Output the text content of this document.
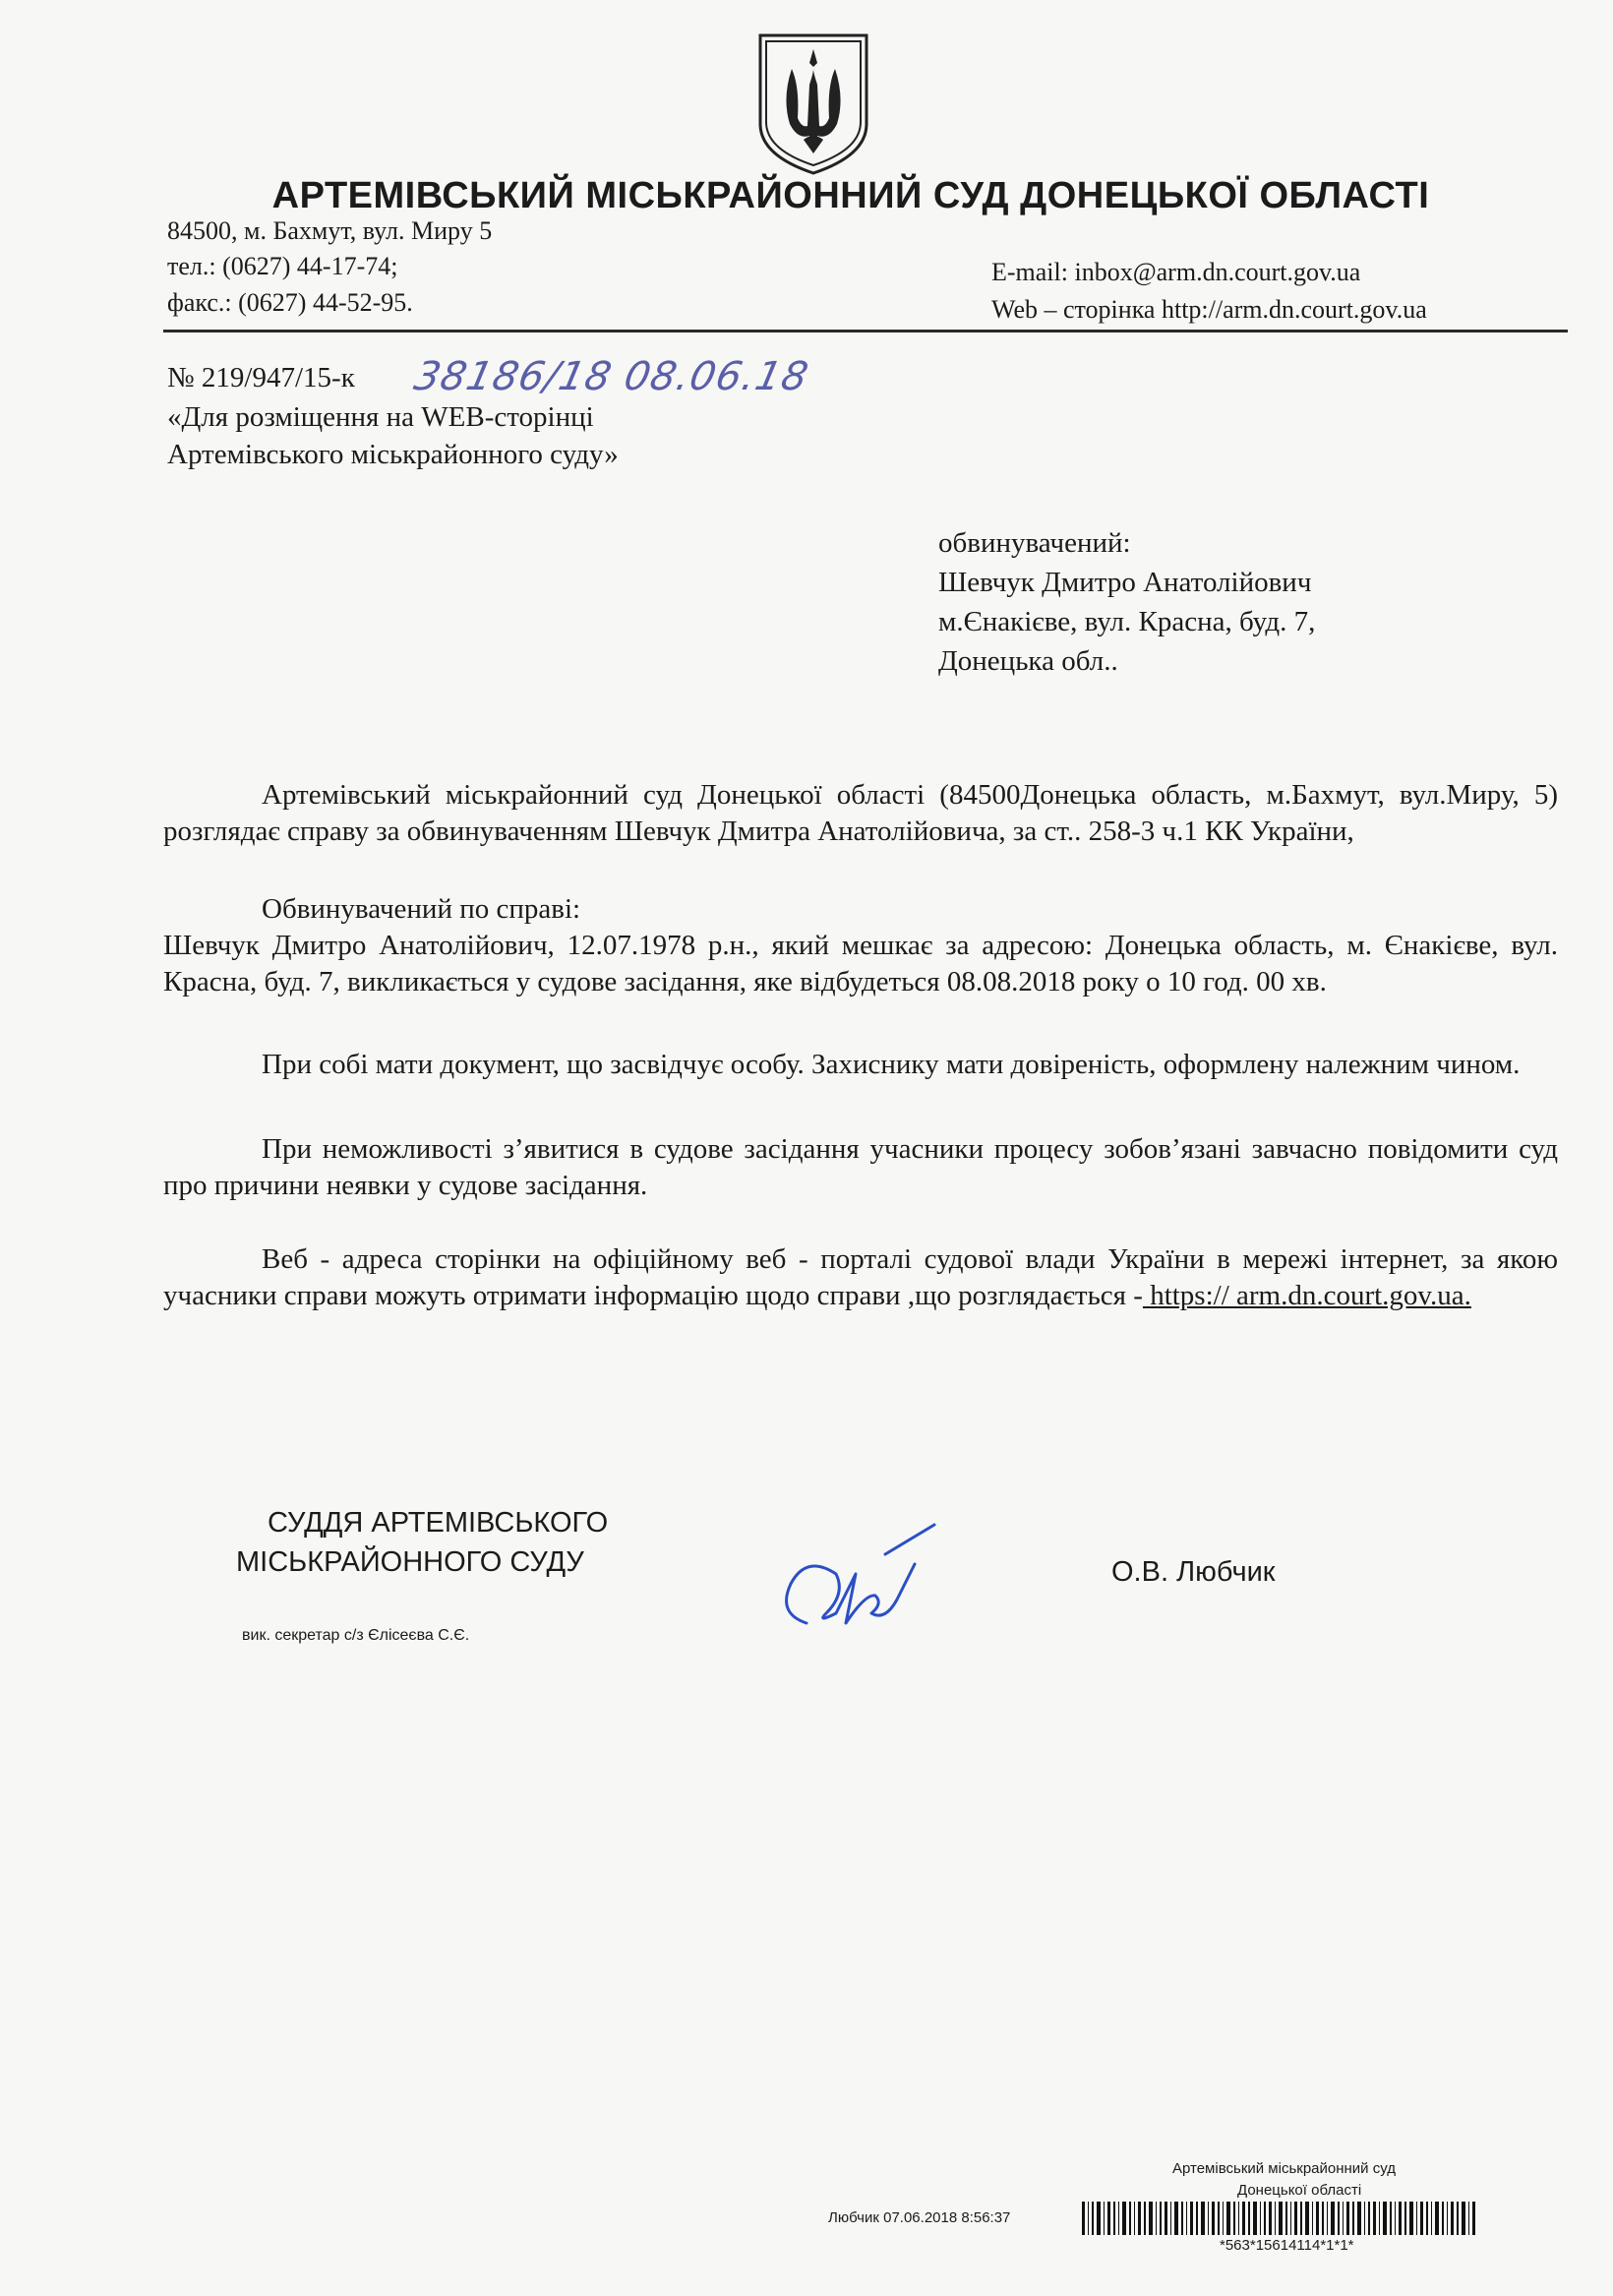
АРТЕМІВСЬКИЙ МІСЬКРАЙОННИЙ СУД ДОНЕЦЬКОЇ ОБЛАСТІ
84500, м. Бахмут, вул. Миру 5
тел.: (0627) 44-17-74;
факс.: (0627) 44-52-95.
E-mail: inbox@arm.dn.court.gov.ua
Web – сторінка http://arm.dn.court.gov.ua
№ 219/947/15-к 38186/18 08.06.18
«Для розміщення на WEB-сторінці
Артемівського міськрайонного суду»
обвинувачений:
Шевчук Дмитро Анатолійович
м.Єнакієве, вул. Красна, буд. 7,
Донецька обл..

Артемівський міськрайонний суд Донецької області (84500Донецька область, м.Бахмут, вул.Миру, 5) розглядає справу за обвинуваченням Шевчук Дмитра Анатолійовича, за ст.. 258-3 ч.1 КК України,

Обвинувачений по справі:

Шевчук Дмитро Анатолійович, 12.07.1978 р.н., який мешкає за адресою: Донецька область, м. Єнакієве, вул. Красна, буд. 7, викликається у судове засідання, яке відбудеться 08.08.2018 року о 10 год. 00 хв.

При собі мати документ, що засвідчує особу. Захиснику мати довіреність, оформлену належним чином.

При неможливості з’явитися в судове засідання учасники процесу зобов’язані завчасно повідомити суд про причини неявки у судове засідання.

Веб - адреса сторінки на офіційному веб - порталі судової влади України в мережі інтернет, за якою учасники справи можуть отримати інформацію щодо справи ,що розглядається - https:// arm.dn.court.gov.ua.

СУДДЯ АРТЕМІВСЬКОГО
МІСЬКРАЙОННОГО СУДУ	О.В. Любчик
вик. секретар с/з Єлісеєва С.Є.
Артемівський міськрайонний суд
Донецької області
Любчик 07.06.2018 8:56:37
*563*15614114*1*1*
